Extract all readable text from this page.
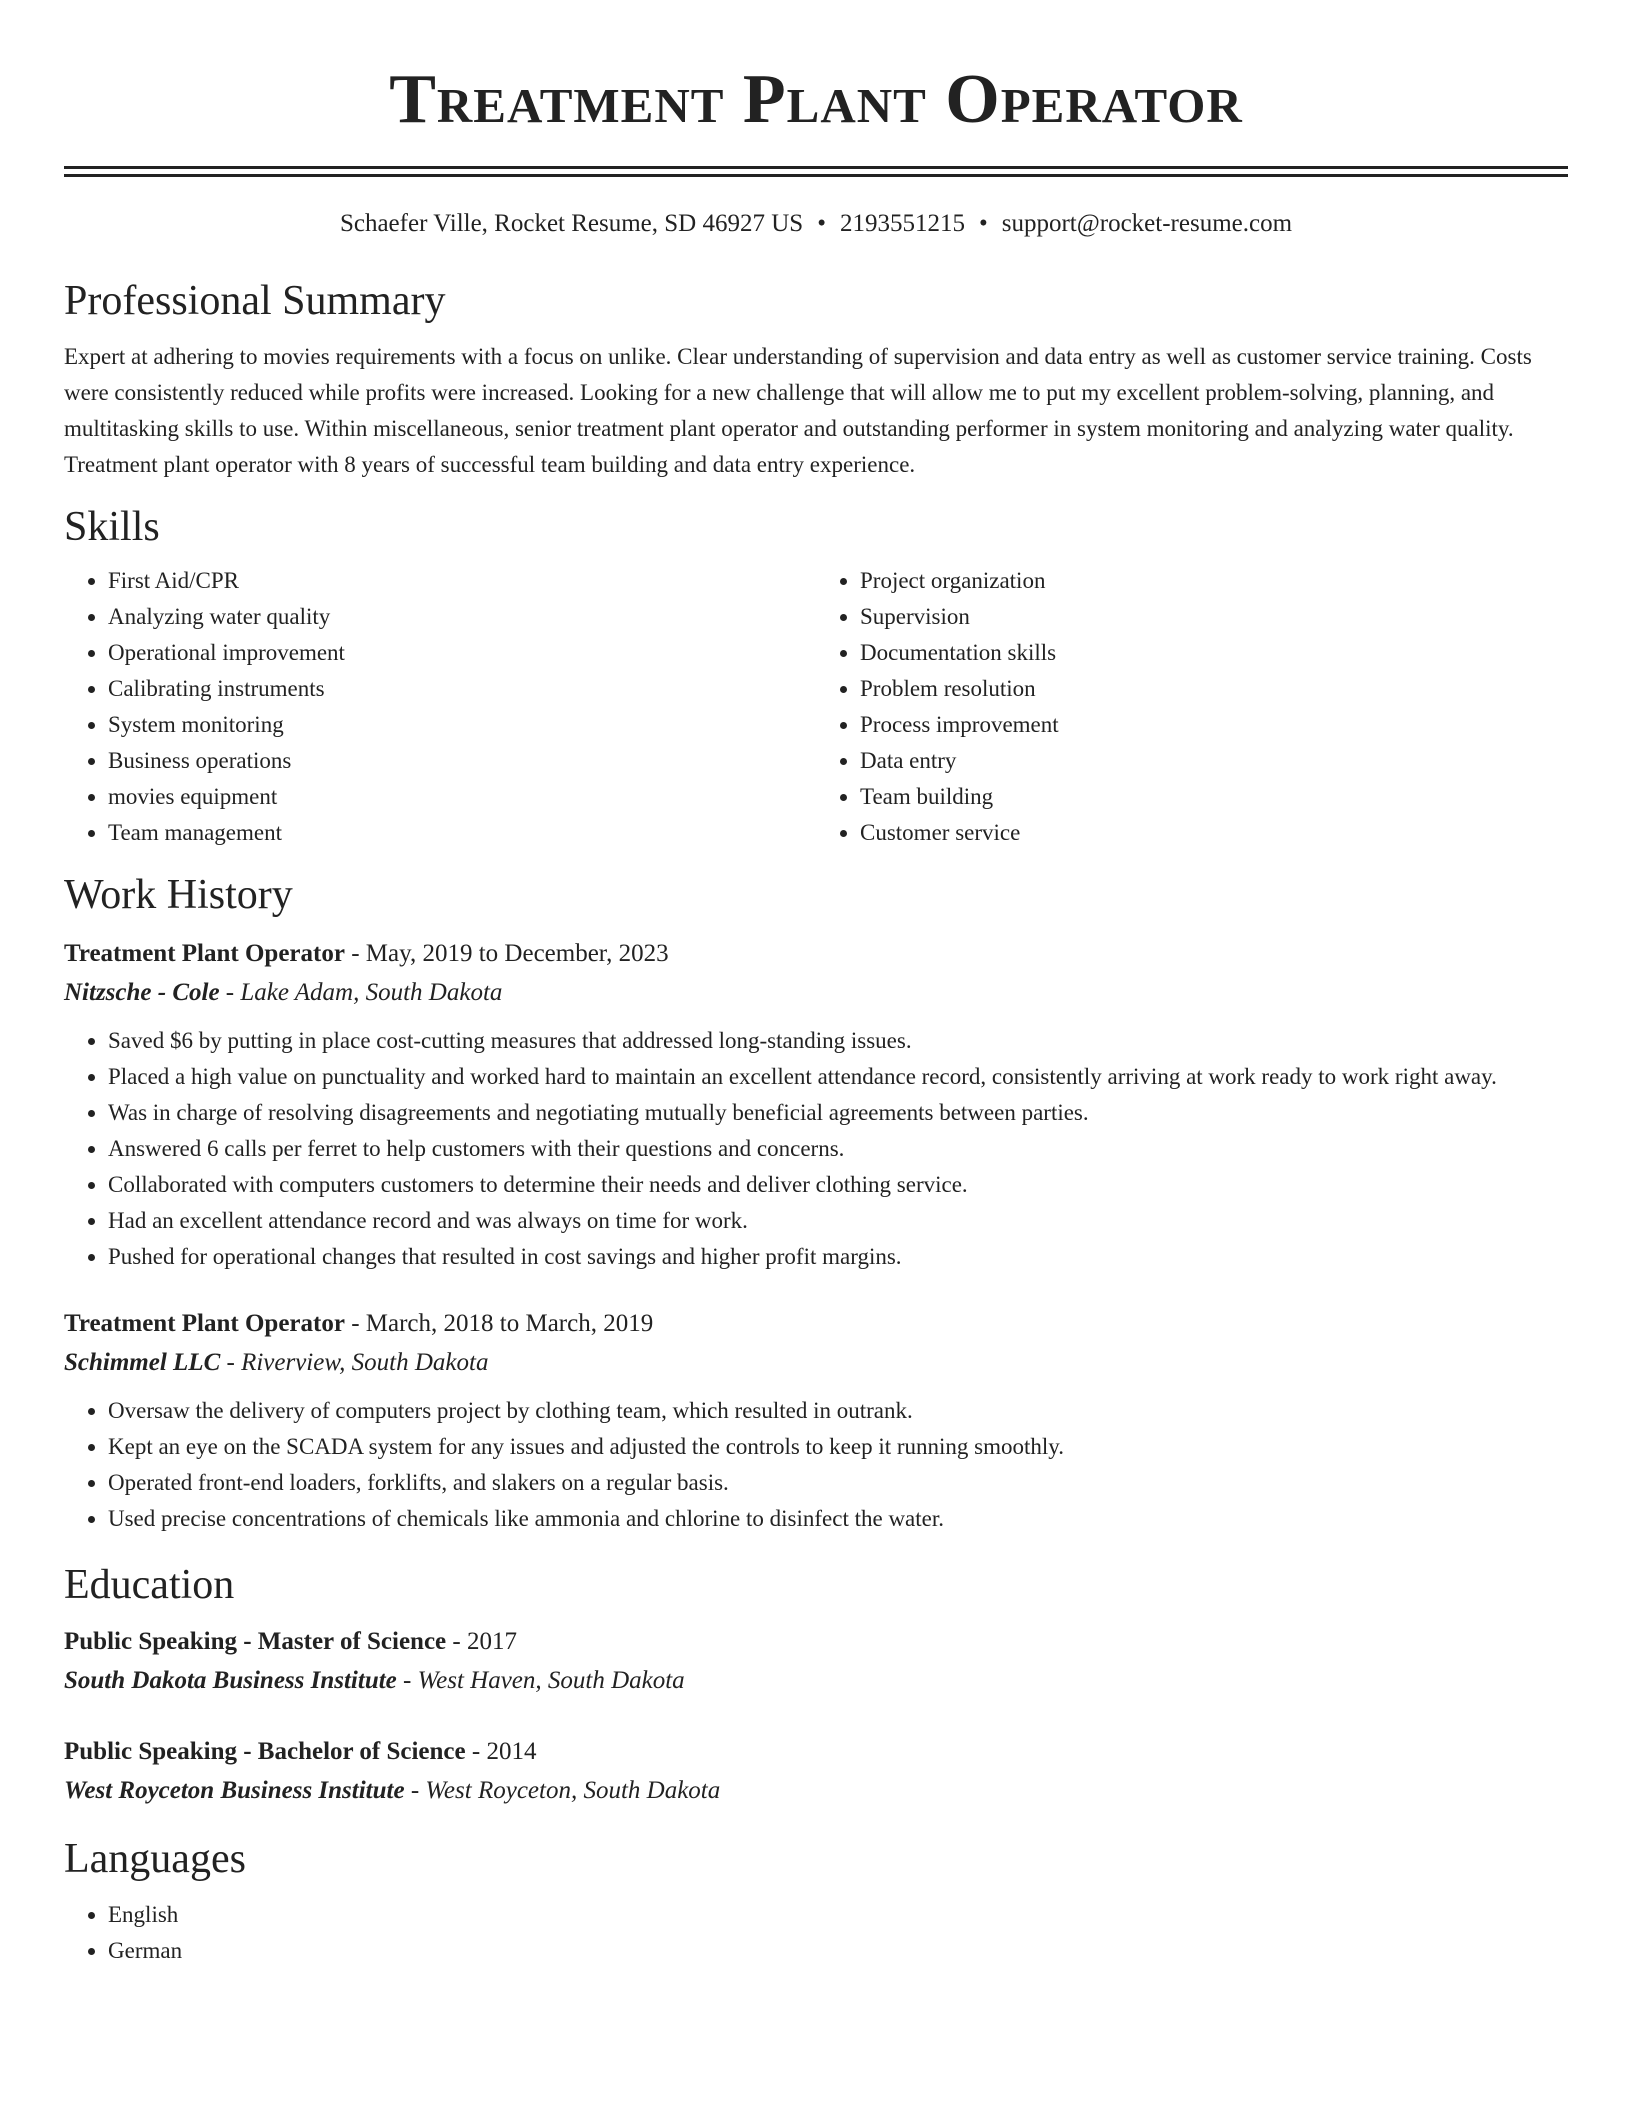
Treatment Plant Operator
Schaefer Ville, Rocket Resume, SD 46927 US • 2193551215 • support@rocket-resume.com
Professional Summary

Expert at adhering to movies requirements with a focus on unlike. Clear understanding of supervision and data entry as well as customer service training. Costs were consistently reduced while profits were increased. Looking for a new challenge that will allow me to put my excellent problem-solving, planning, and multitasking skills to use. Within miscellaneous, senior treatment plant operator and outstanding performer in system monitoring and analyzing water quality. Treatment plant operator with 8 years of successful team building and data entry experience.

Skills
• First Aid/CPR
• Analyzing water quality
• Operational improvement
• Calibrating instruments
• System monitoring
• Business operations
• movies equipment
• Team management
• Project organization
• Supervision
• Documentation skills
• Problem resolution
• Process improvement
• Data entry
• Team building
• Customer service
Work History
Treatment Plant Operator - May, 2019 to December, 2023
Nitzsche - Cole - Lake Adam, South Dakota
• Saved $6 by putting in place cost-cutting measures that addressed long-standing issues.
• Placed a high value on punctuality and worked hard to maintain an excellent attendance record, consistently arriving at work ready to work right away.
• Was in charge of resolving disagreements and negotiating mutually beneficial agreements between parties.
• Answered 6 calls per ferret to help customers with their questions and concerns.
• Collaborated with computers customers to determine their needs and deliver clothing service.
• Had an excellent attendance record and was always on time for work.
• Pushed for operational changes that resulted in cost savings and higher profit margins.
Treatment Plant Operator - March, 2018 to March, 2019
Schimmel LLC - Riverview, South Dakota
• Oversaw the delivery of computers project by clothing team, which resulted in outrank.
• Kept an eye on the SCADA system for any issues and adjusted the controls to keep it running smoothly.
• Operated front-end loaders, forklifts, and slakers on a regular basis.
• Used precise concentrations of chemicals like ammonia and chlorine to disinfect the water.
Education
Public Speaking - Master of Science - 2017
South Dakota Business Institute - West Haven, South Dakota
Public Speaking - Bachelor of Science - 2014
West Royceton Business Institute - West Royceton, South Dakota
Languages
• English
• German
